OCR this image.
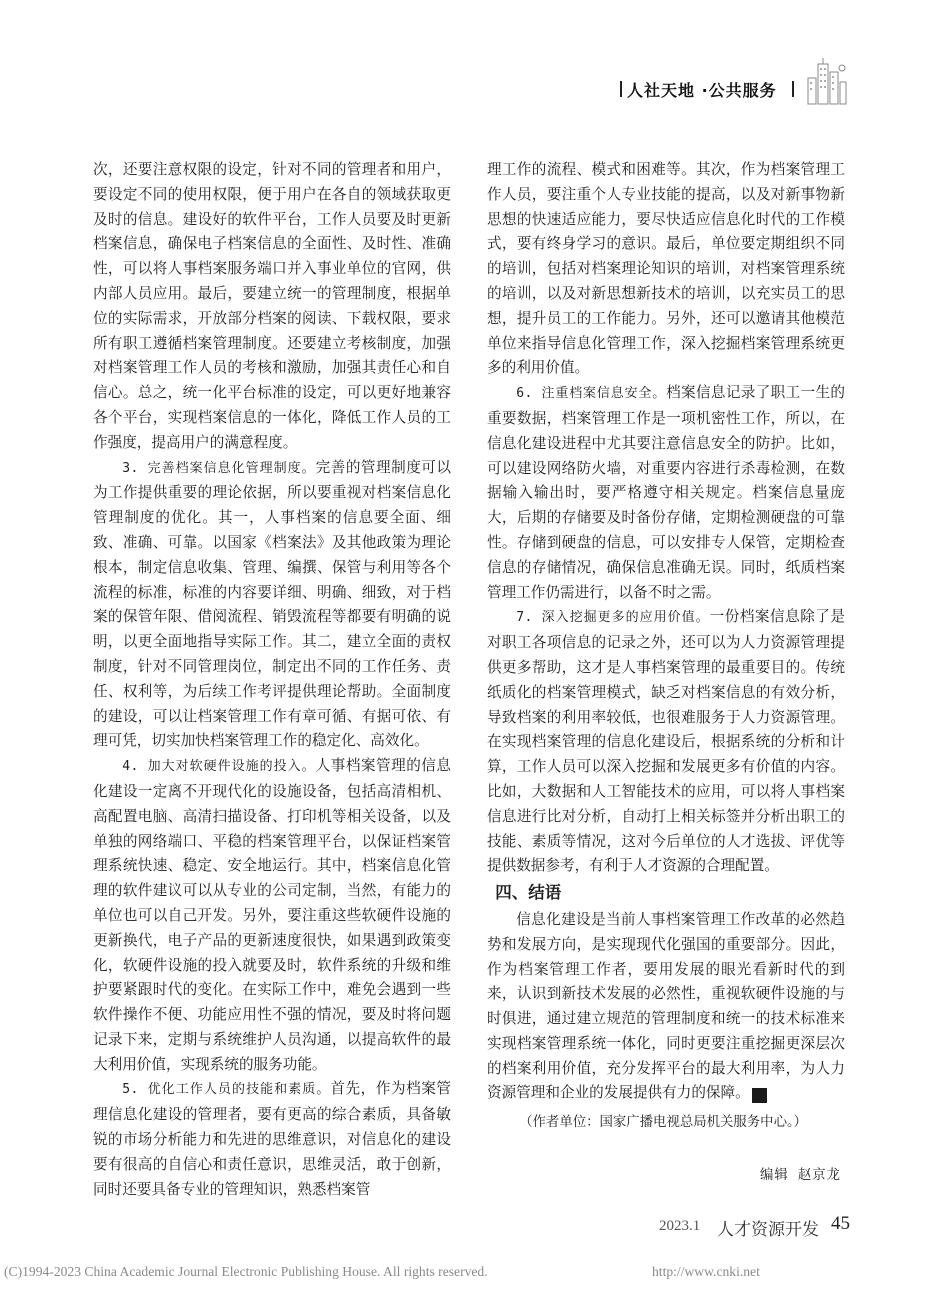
人社天地 ·公共服务

次，还要注意权限的设定，针对不同的管理者和用户，要设定不同的使用权限，便于用户在各自的领域获取更及时的信息。建设好的软件平台，工作人员要及时更新档案信息，确保电子档案信息的全面性、及时性、准确性，可以将人事档案服务端口并入事业单位的官网，供内部人员应用。最后，要建立统一的管理制度，根据单位的实际需求，开放部分档案的阅读、下载权限，要求所有职工遵循档案管理制度。还要建立考核制度，加强对档案管理工作人员的考核和激励，加强其责任心和自信心。总之，统一化平台标准的设定，可以更好地兼容各个平台，实现档案信息的一体化，降低工作人员的工作强度，提高用户的满意程度。

3. 完善档案信息化管理制度。完善的管理制度可以为工作提供重要的理论依据，所以要重视对档案信息化管理制度的优化。其一，人事档案的信息要全面、细致、准确、可靠。以国家《档案法》及其他政策为理论根本，制定信息收集、管理、编撰、保管与利用等各个流程的标准，标准的内容要详细、明确、细致，对于档案的保管年限、借阅流程、销毁流程等都要有明确的说明，以更全面地指导实际工作。其二，建立全面的责权制度，针对不同管理岗位，制定出不同的工作任务、责任、权利等，为后续工作考评提供理论帮助。全面制度的建设，可以让档案管理工作有章可循、有据可依、有理可凭，切实加快档案管理工作的稳定化、高效化。

4. 加大对软硬件设施的投入。人事档案管理的信息化建设一定离不开现代化的设施设备，包括高清相机、高配置电脑、高清扫描设备、打印机等相关设备，以及单独的网络端口、平稳的档案管理平台，以保证档案管理系统快速、稳定、安全地运行。其中，档案信息化管理的软件建议可以从专业的公司定制，当然，有能力的单位也可以自己开发。另外，要注重这些软硬件设施的更新换代，电子产品的更新速度很快，如果遇到政策变化，软硬件设施的投入就要及时，软件系统的升级和维护要紧跟时代的变化。在实际工作中，难免会遇到一些软件操作不便、功能应用性不强的情况，要及时将问题记录下来，定期与系统维护人员沟通，以提高软件的最大利用价值，实现系统的服务功能。

5. 优化工作人员的技能和素质。首先，作为档案管理信息化建设的管理者，要有更高的综合素质，具备敏锐的市场分析能力和先进的思维意识，对信息化的建设要有很高的自信心和责任意识，思维灵活，敢于创新，同时还要具备专业的管理知识，熟悉档案管

理工作的流程、模式和困难等。其次，作为档案管理工作人员，要注重个人专业技能的提高，以及对新事物新思想的快速适应能力，要尽快适应信息化时代的工作模式，要有终身学习的意识。最后，单位要定期组织不同的培训，包括对档案理论知识的培训，对档案管理系统的培训，以及对新思想新技术的培训，以充实员工的思想，提升员工的工作能力。另外，还可以邀请其他模范单位来指导信息化管理工作，深入挖掘档案管理系统更多的利用价值。

6. 注重档案信息安全。档案信息记录了职工一生的重要数据，档案管理工作是一项机密性工作，所以，在信息化建设进程中尤其要注意信息安全的防护。比如，可以建设网络防火墙，对重要内容进行杀毒检测，在数据输入输出时，要严格遵守相关规定。档案信息量庞大，后期的存储要及时备份存储，定期检测硬盘的可靠性。存储到硬盘的信息，可以安排专人保管，定期检查信息的存储情况，确保信息准确无误。同时，纸质档案管理工作仍需进行，以备不时之需。

7. 深入挖掘更多的应用价值。一份档案信息除了是对职工各项信息的记录之外，还可以为人力资源管理提供更多帮助，这才是人事档案管理的最重要目的。传统纸质化的档案管理模式，缺乏对档案信息的有效分析，导致档案的利用率较低，也很难服务于人力资源管理。在实现档案管理的信息化建设后，根据系统的分析和计算，工作人员可以深入挖掘和发展更多有价值的内容。比如，大数据和人工智能技术的应用，可以将人事档案信息进行比对分析，自动打上相关标签并分析出职工的技能、素质等情况，这对今后单位的人才选拔、评优等提供数据参考，有利于人才资源的合理配置。

四、结语

信息化建设是当前人事档案管理工作改革的必然趋势和发展方向，是实现现代化强国的重要部分。因此，作为档案管理工作者，要用发展的眼光看新时代的到来，认识到新技术发展的必然性，重视软硬件设施的与时俱进，通过建立规范的管理制度和统一的技术标准来实现档案管理系统一体化，同时更要注重挖掘更深层次的档案利用价值，充分发挥平台的最大利用率，为人力资源管理和企业的发展提供有力的保障。	R

（作者单位：国家广播电视总局机关服务中心。）

编辑 赵京龙
2023.1 人才资源开发 45
(C)1994-2023 China Academic Journal Electronic Publishing House. All rights reserved.	http://www.cnki.net
